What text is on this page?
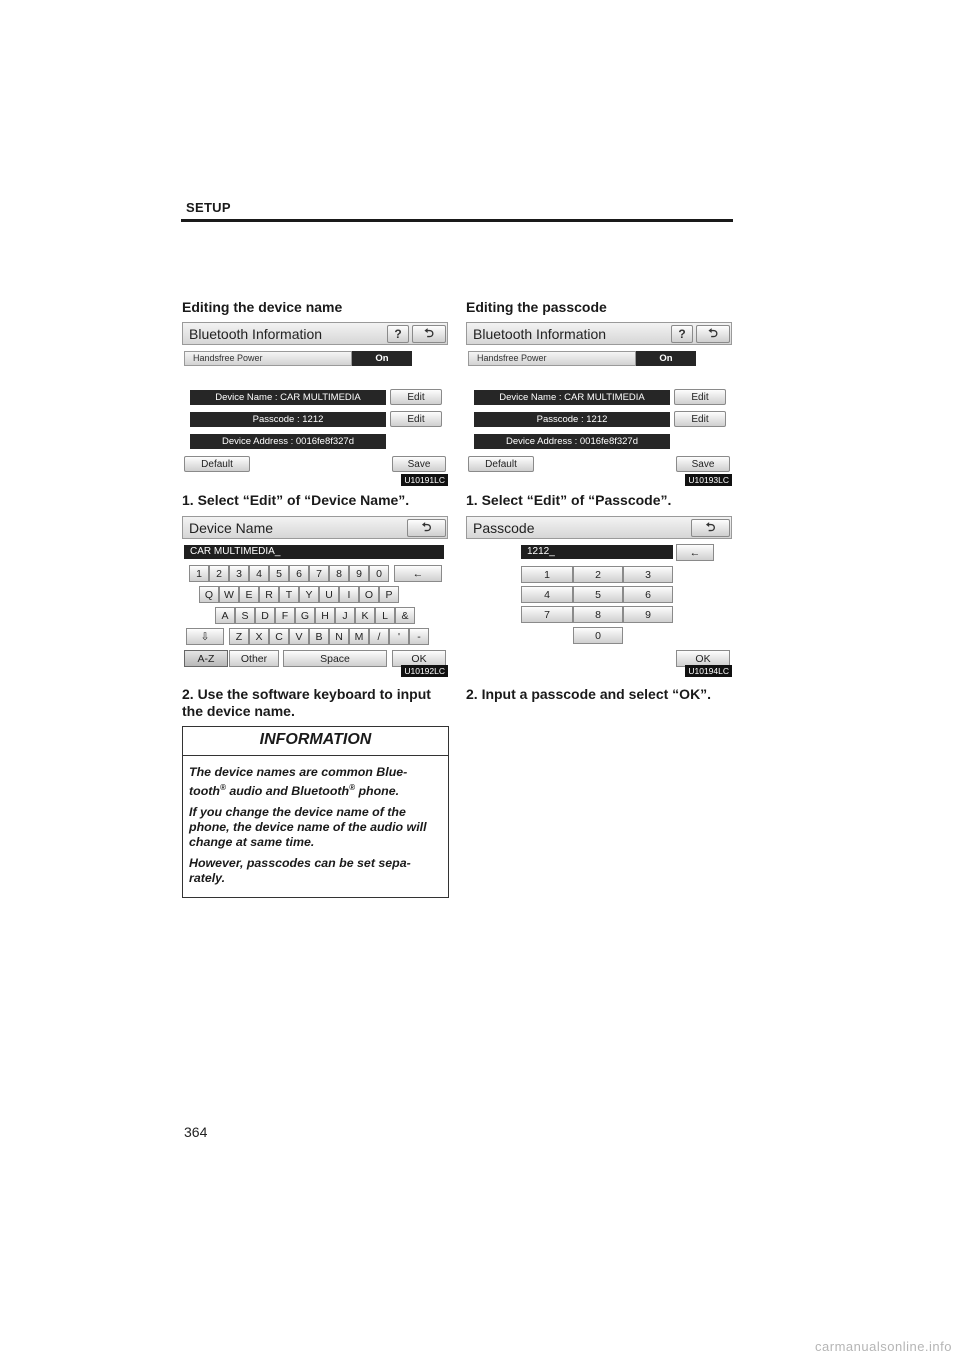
SETUP
Editing the device name	Editing the passcode
Bluetooth Information	?	⮌
Handsfree Power	On
Device Name : CAR MULTIMEDIA	Edit
Passcode : 1212	Edit
Device Address : 0016fe8f327d
Default	Save
U10191LC
1. Select “Edit” of “Device Name”.
Device Name	⮌
CAR MULTIMEDIA_
1	2	3	4	5	6	7	8	9	0	←
Q	W	E	R	T	Y	U	I	O	P
A	S	D	F	G	H	J	K	L	&
⇩	Z	X	C	V	B	N	M	/	'	-
A-Z	Other	Space	OK
U10192LC
2. Use the software keyboard to input
the device name.
Bluetooth Information	?	⮌
Handsfree Power	On
Device Name : CAR MULTIMEDIA	Edit
Passcode : 1212	Edit
Device Address : 0016fe8f327d
Default	Save
U10193LC
1. Select “Edit” of “Passcode”.
Passcode	⮌
1212_	←
1	2	3
4	5	6
7	8	9
0
OK
U10194LC
2. Input a passcode and select “OK”.
INFORMATION

The device names are common Blue-
tooth® audio and Bluetooth® phone.

If you change the device name of the phone, the device name of the audio will change at same time.

However, passcodes can be set sepa-rately.

364
carmanualsonline.info
